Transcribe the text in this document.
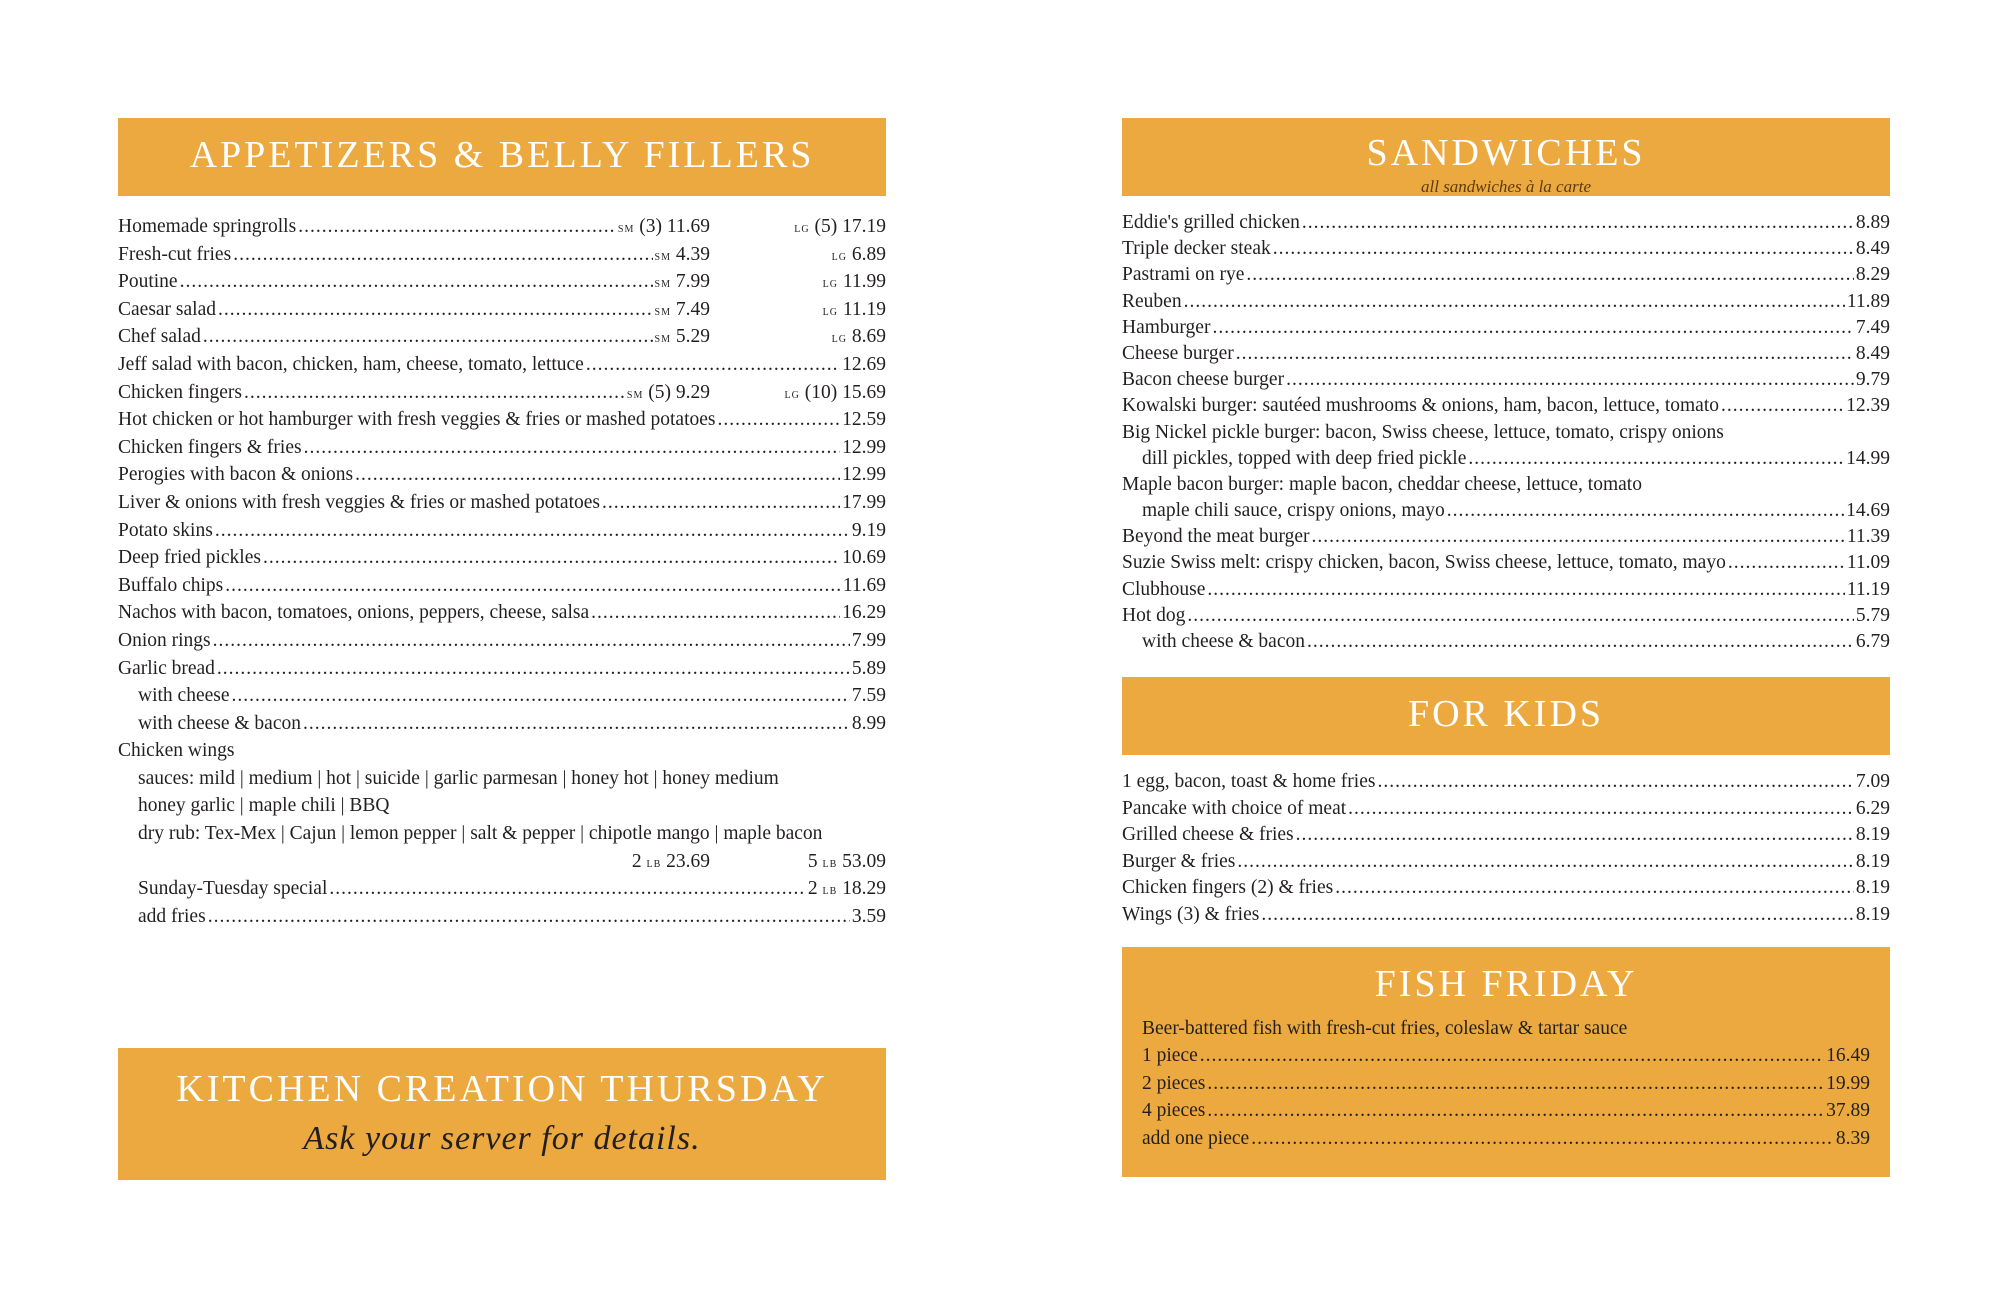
APPETIZERS & BELLY FILLERS
Homemade springrolls .....	sm (3) 11.69	lg (5) 17.19
Fresh-cut fries .....	sm 4.39	lg 6.89
Poutine .....	sm 7.99	lg 11.99
Caesar salad .....	sm 7.49	lg 11.19
Chef salad .....	sm 5.29	lg 8.69
Jeff salad with bacon, chicken, ham, cheese, tomato, lettuce .....	12.69
Chicken fingers .....	sm (5) 9.29	lg (10) 15.69
Hot chicken or hot hamburger with fresh veggies & fries or mashed potatoes .....	12.59
Chicken fingers & fries .....	12.99
Perogies with bacon & onions .....	12.99
Liver & onions with fresh veggies & fries or mashed potatoes .....	17.99
Potato skins .....	9.19
Deep fried pickles .....	10.69
Buffalo chips .....	11.69
Nachos with bacon, tomatoes, onions, peppers, cheese, salsa .....	16.29
Onion rings .....	7.99
Garlic bread .....	5.89
with cheese .....	7.59
with cheese & bacon .....	8.99
Chicken wings
sauces: mild | medium | hot | suicide | garlic parmesan | honey hot | honey medium
honey garlic | maple chili | BBQ
dry rub: Tex-Mex | Cajun | lemon pepper | salt & pepper | chipotle mango | maple bacon
2 lb 23.69	5 lb 53.09
Sunday-Tuesday special .....	2 lb 18.29
add fries .....	3.59
KITCHEN CREATION THURSDAY
Ask your server for details.
SANDWICHES
all sandwiches à la carte
Eddie's grilled chicken .....	8.89
Triple decker steak .....	8.49
Pastrami on rye .....	8.29
Reuben .....	11.89
Hamburger .....	7.49
Cheese burger .....	8.49
Bacon cheese burger .....	9.79
Kowalski burger: sautéed mushrooms & onions, ham, bacon, lettuce, tomato .....	12.39
Big Nickel pickle burger: bacon, Swiss cheese, lettuce, tomato, crispy onions
dill pickles, topped with deep fried pickle .....	14.99
Maple bacon burger: maple bacon, cheddar cheese, lettuce, tomato
maple chili sauce, crispy onions, mayo .....	14.69
Beyond the meat burger .....	11.39
Suzie Swiss melt: crispy chicken, bacon, Swiss cheese, lettuce, tomato, mayo .....	11.09
Clubhouse .....	11.19
Hot dog .....	5.79
with cheese & bacon .....	6.79
FOR KIDS
1 egg, bacon, toast & home fries .....	7.09
Pancake with choice of meat .....	6.29
Grilled cheese & fries .....	8.19
Burger & fries .....	8.19
Chicken fingers (2) & fries .....	8.19
Wings (3) & fries .....	8.19
FISH FRIDAY
Beer-battered fish with fresh-cut fries, coleslaw & tartar sauce
1 piece .....	16.49
2 pieces .....	19.99
4 pieces .....	37.89
add one piece .....	8.39
